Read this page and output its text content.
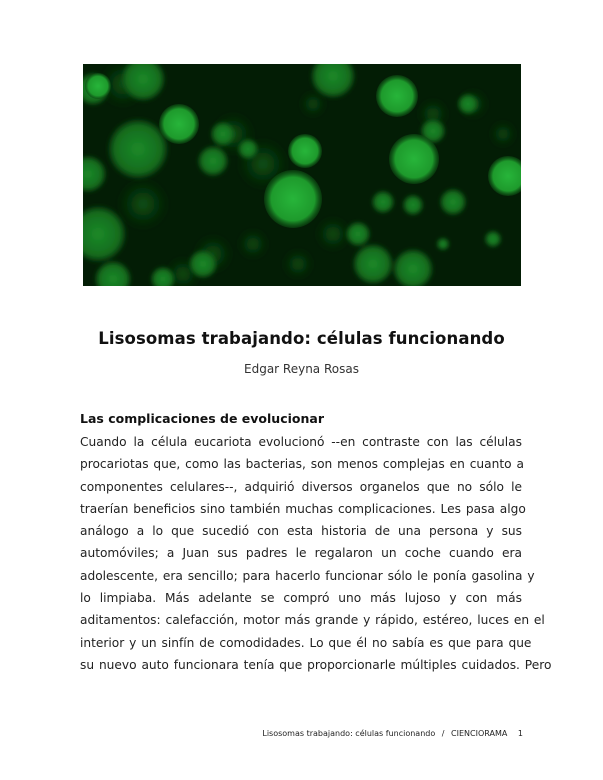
Lisosomas trabajando: células funcionando
Edgar Reyna Rosas
Las complicaciones de evolucionar
Cuando la célula eucariota evolucionó --en contraste con las células
procariotas que, como las bacterias, son menos complejas en cuanto a
componentes celulares--, adquirió diversos organelos que no sólo le
traerían beneficios sino también muchas complicaciones. Les pasa algo
análogo a lo que sucedió con esta historia de una persona y sus
automóviles; a Juan sus padres le regalaron un coche cuando era
adolescente, era sencillo; para hacerlo funcionar sólo le ponía gasolina y
lo limpiaba. Más adelante se compró uno más lujoso y con más
aditamentos: calefacción, motor más grande y rápido, estéreo, luces en el
interior y un sinfín de comodidades. Lo que él no sabía es que para que
su nuevo auto funcionara tenía que proporcionarle múltiples cuidados. Pero
Lisosomas trabajando: células funcionando / CIENCIORAMA 1
